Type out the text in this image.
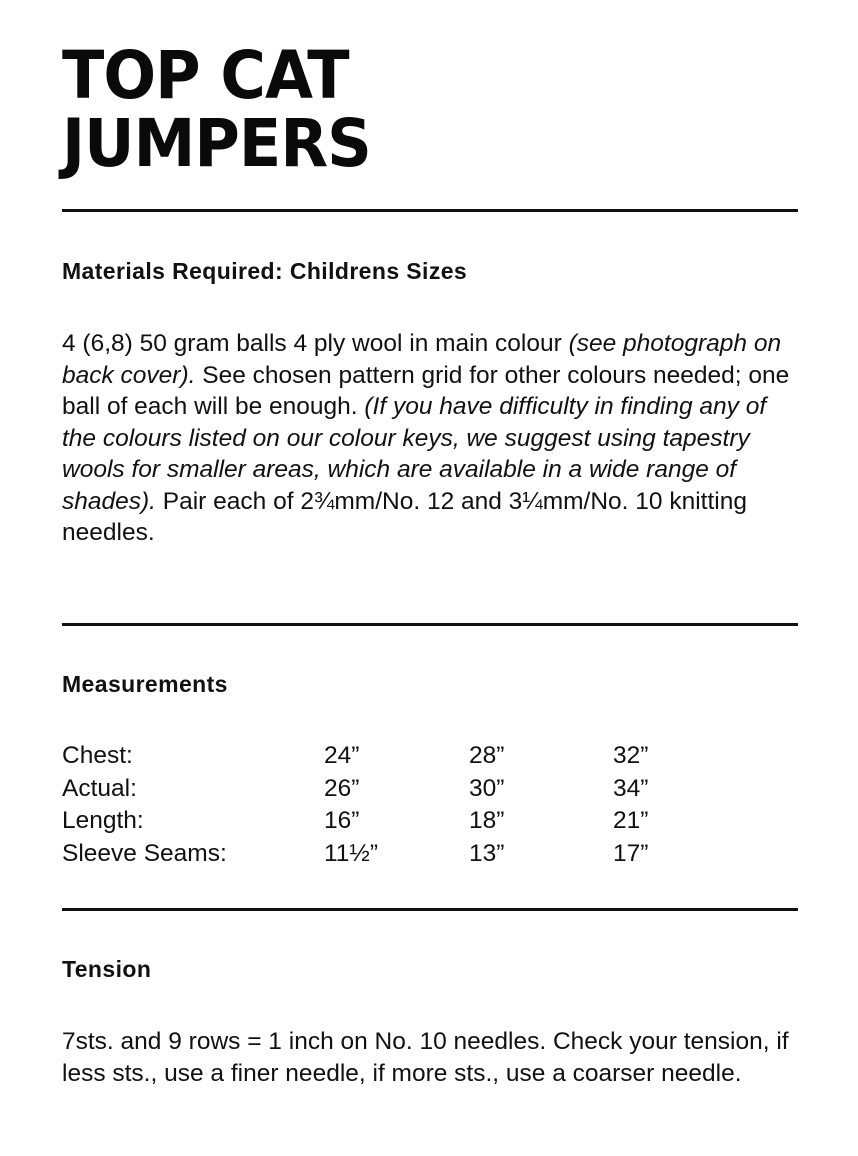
TOP CAT
JUMPERS
Materials Required: Childrens Sizes

4 (6,8) 50 gram balls 4 ply wool in main colour (see photograph on back cover). See chosen pattern grid for other colours needed; one ball of each will be enough. (If you have difficulty in finding any of the colours listed on our colour keys, we suggest using tapestry wools for smaller areas, which are available in a wide range of shades). Pair each of 2¾mm/No. 12 and 3¼mm/No. 10 knitting needles.

Measurements
Chest:	24”	28”	32”
Actual:	26”	30”	34”
Length:	16”	18”	21”
Sleeve Seams:	11½”	13”	17”
Tension

7sts. and 9 rows = 1 inch on No. 10 needles. Check your tension, if less sts., use a finer needle, if more sts., use a coarser needle.
